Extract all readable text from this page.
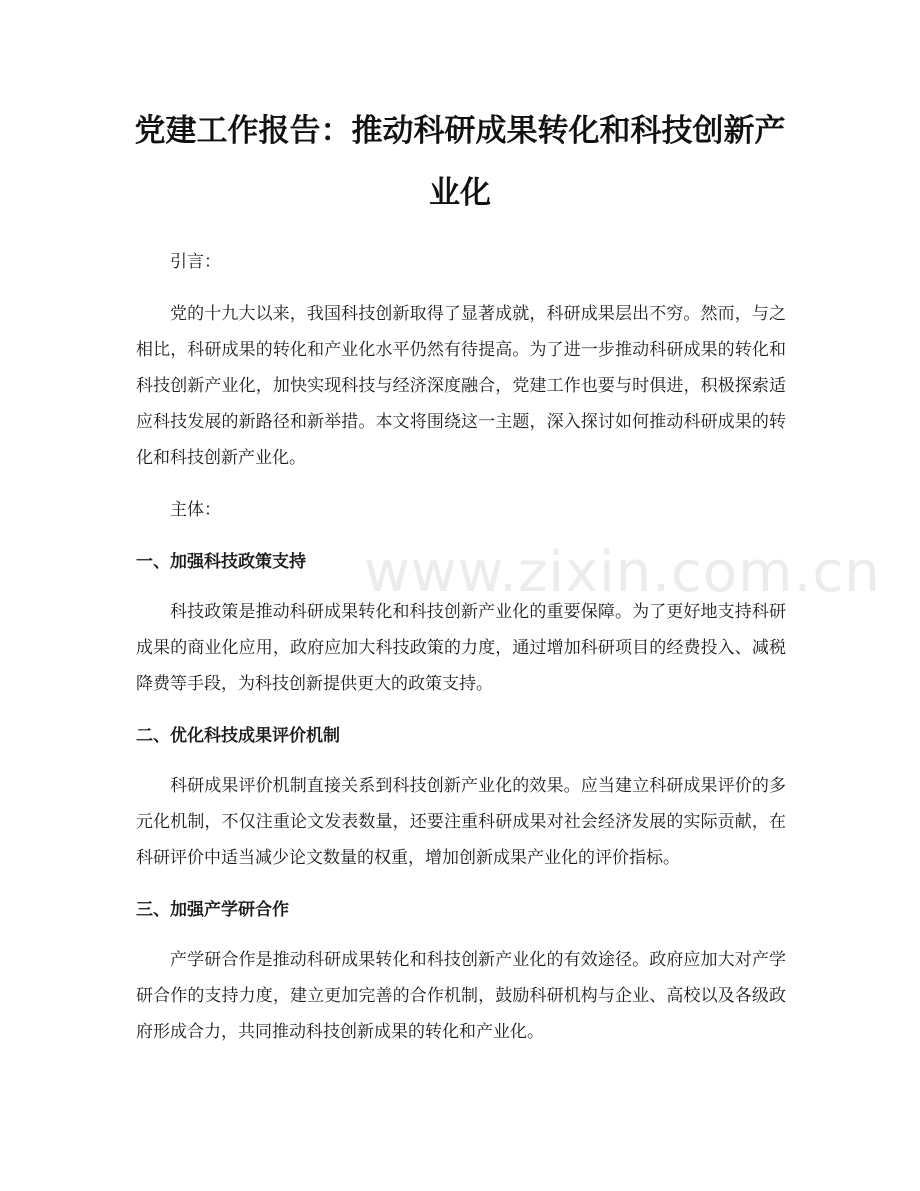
党建工作报告：推动科研成果转化和科技创新产业化

引言：

党的十九大以来，我国科技创新取得了显著成就，科研成果层出不穷。然而，与之相比，科研成果的转化和产业化水平仍然有待提高。为了进一步推动科研成果的转化和科技创新产业化，加快实现科技与经济深度融合，党建工作也要与时俱进，积极探索适应科技发展的新路径和新举措。本文将围绕这一主题，深入探讨如何推动科研成果的转化和科技创新产业化。

主体：

一、加强科技政策支持

科技政策是推动科研成果转化和科技创新产业化的重要保障。为了更好地支持科研成果的商业化应用，政府应加大科技政策的力度，通过增加科研项目的经费投入、减税降费等手段，为科技创新提供更大的政策支持。

二、优化科技成果评价机制

科研成果评价机制直接关系到科技创新产业化的效果。应当建立科研成果评价的多元化机制，不仅注重论文发表数量，还要注重科研成果对社会经济发展的实际贡献，在科研评价中适当减少论文数量的权重，增加创新成果产业化的评价指标。

三、加强产学研合作

产学研合作是推动科研成果转化和科技创新产业化的有效途径。政府应加大对产学研合作的支持力度，建立更加完善的合作机制，鼓励科研机构与企业、高校以及各级政府形成合力，共同推动科技创新成果的转化和产业化。

www.zixin.com.cn
